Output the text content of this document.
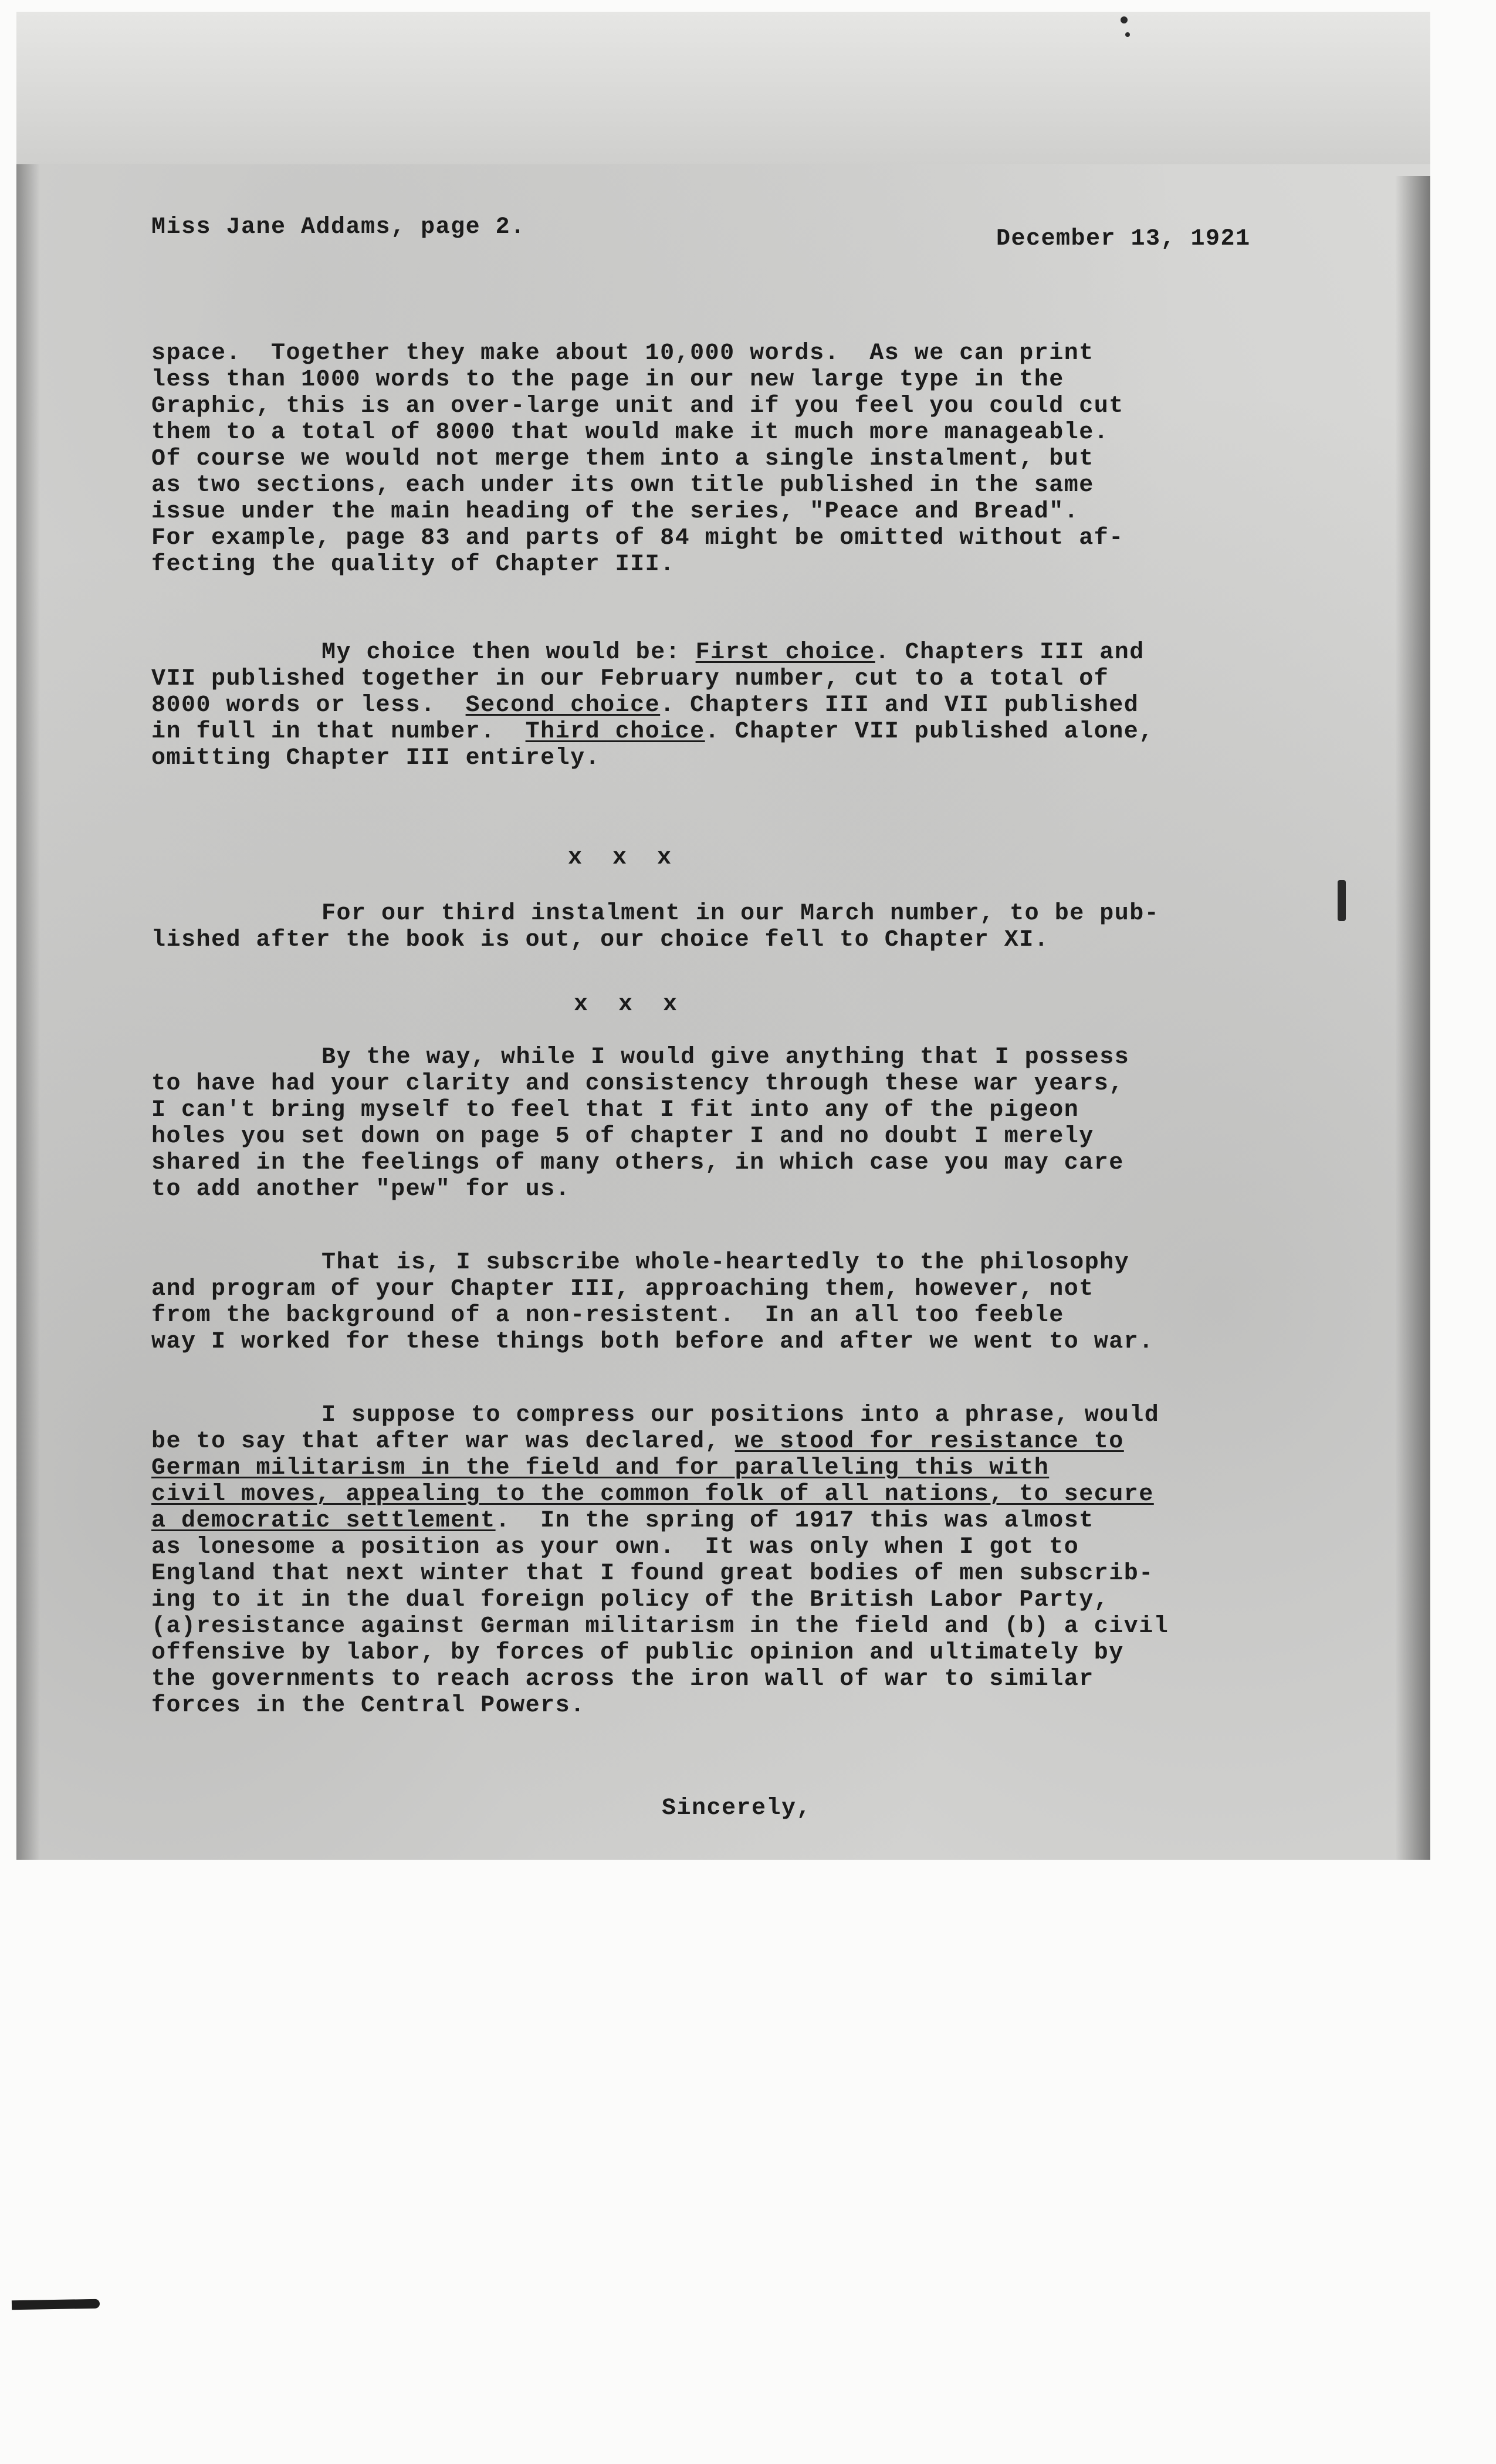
Miss Jane Addams, page 2.	December 13, 1921
space.  Together they make about 10,000 words.  As we can print
less than 1000 words to the page in our new large type in the
Graphic, this is an over-large unit and if you feel you could cut
them to a total of 8000 that would make it much more manageable.
Of course we would not merge them into a single instalment, but
as two sections, each under its own title published in the same
issue under the main heading of the series, "Peace and Bread".
For example, page 83 and parts of 84 might be omitted without af-
fecting the quality of Chapter III.
My choice then would be: First choice. Chapters III and
VII published together in our February number, cut to a total of
8000 words or less.  Second choice. Chapters III and VII published
in full in that number.  Third choice. Chapter VII published alone,
omitting Chapter III entirely.
x x x
For our third instalment in our March number, to be pub-
lished after the book is out, our choice fell to Chapter XI.
x x x
By the way, while I would give anything that I possess
to have had your clarity and consistency through these war years,
I can't bring myself to feel that I fit into any of the pigeon
holes you set down on page 5 of chapter I and no doubt I merely
shared in the feelings of many others, in which case you may care
to add another "pew" for us.
That is, I subscribe whole-heartedly to the philosophy
and program of your Chapter III, approaching them, however, not
from the background of a non-resistent.  In an all too feeble
way I worked for these things both before and after we went to war.
I suppose to compress our positions into a phrase, would
be to say that after war was declared, we stood for resistance to
German militarism in the field and for paralleling this with
civil moves, appealing to the common folk of all nations, to secure
a democratic settlement.  In the spring of 1917 this was almost
as lonesome a position as your own.  It was only when I got to
England that next winter that I found great bodies of men subscrib-
ing to it in the dual foreign policy of the British Labor Party,
(a)resistance against German militarism in the field and (b) a civil
offensive by labor, by forces of public opinion and ultimately by
the governments to reach across the iron wall of war to similar
forces in the Central Powers.
Sincerely,
